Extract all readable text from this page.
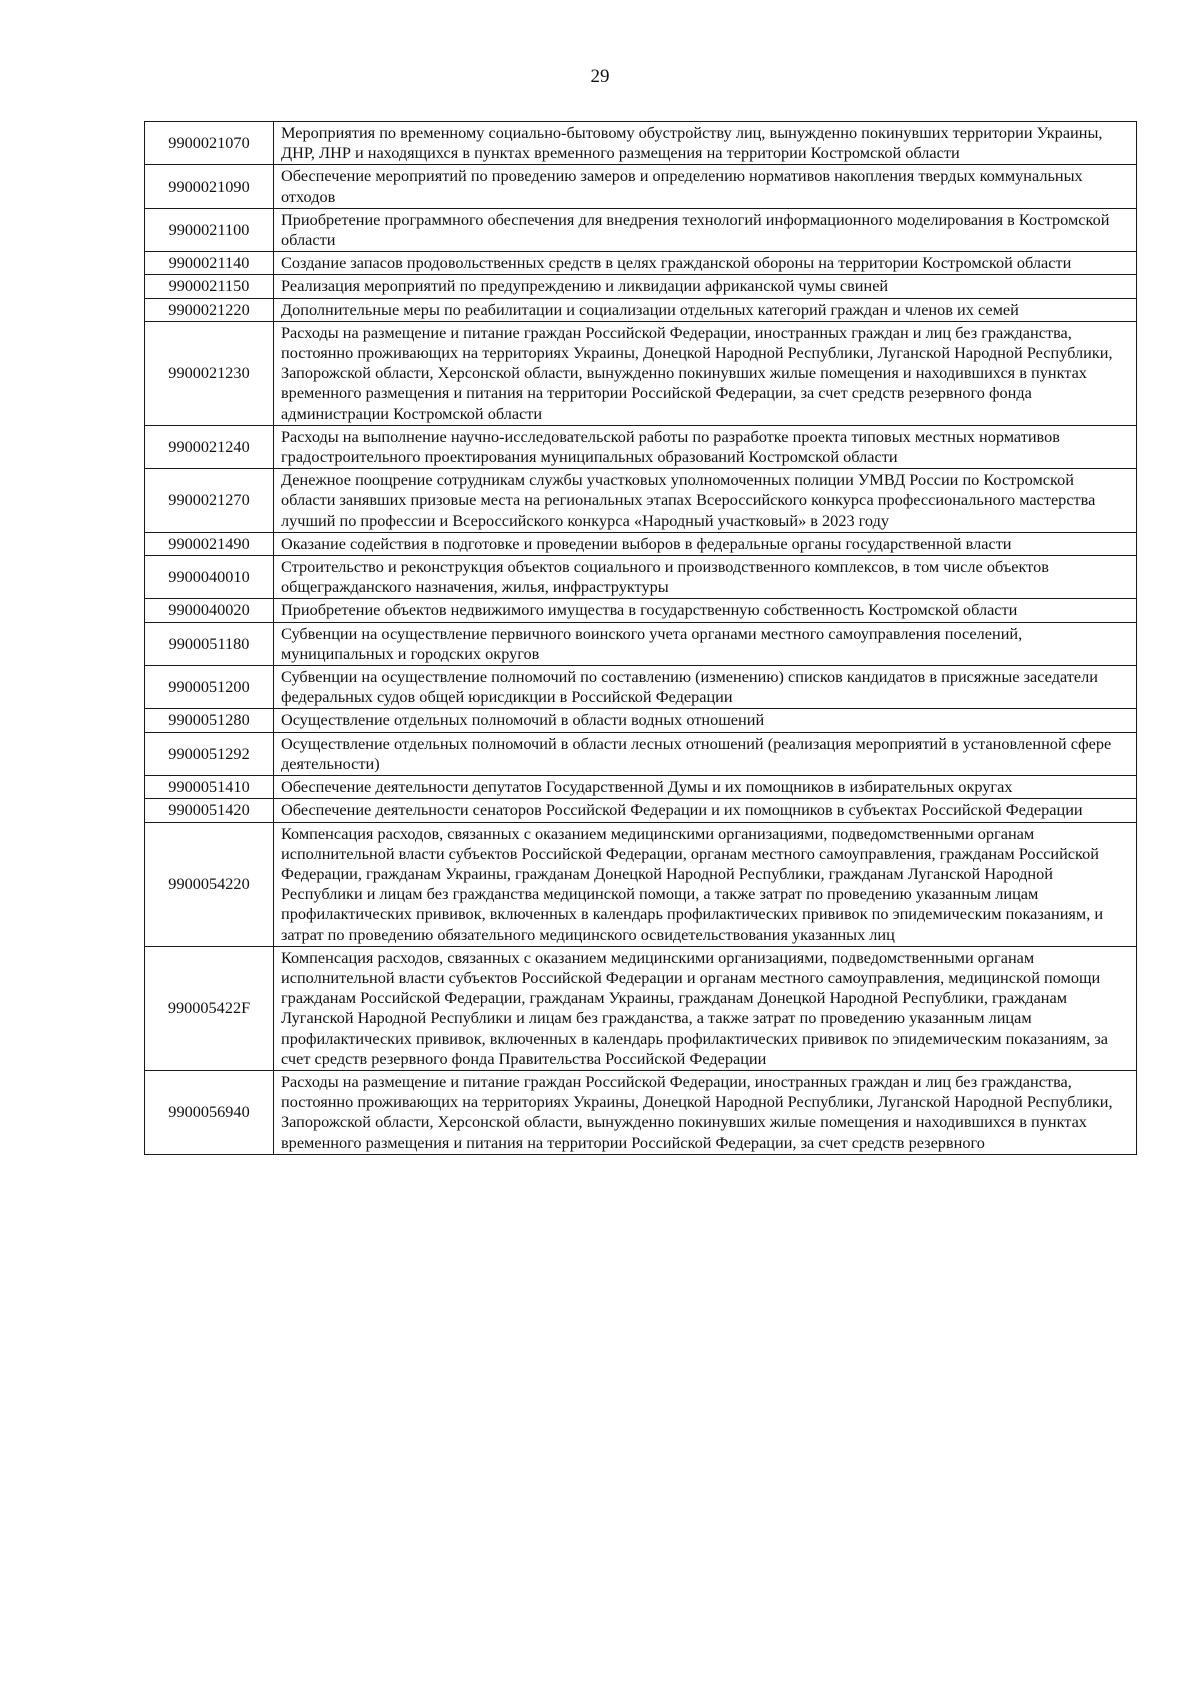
29
9900021070	Мероприятия по временному социально-бытовому обустройству лиц, вынужденно покинувших территории Украины, ДНР, ЛНР и находящихся в пунктах временного размещения на территории Костромской области
9900021090	Обеспечение мероприятий по проведению замеров и определению нормативов накопления твердых коммунальных отходов
9900021100	Приобретение программного обеспечения для внедрения технологий информационного моделирования в Костромской области
9900021140	Создание запасов продовольственных средств в целях гражданской обороны на территории Костромской области
9900021150	Реализация мероприятий по предупреждению и ликвидации африканской чумы свиней
9900021220	Дополнительные меры по реабилитации и социализации отдельных категорий граждан и членов их семей
9900021230	Расходы на размещение и питание граждан Российской Федерации, иностранных граждан и лиц без гражданства, постоянно проживающих на территориях Украины, Донецкой Народной Республики, Луганской Народной Республики, Запорожской области, Херсонской области, вынужденно покинувших жилые помещения и находившихся в пунктах временного размещения и питания на территории Российской Федерации, за счет средств резервного фонда администрации Костромской области
9900021240	Расходы на выполнение научно-исследовательской работы по разработке проекта типовых местных нормативов градостроительного проектирования муниципальных образований Костромской области
9900021270	Денежное поощрение сотрудникам службы участковых уполномоченных полиции УМВД России по Костромской области занявших призовые места на региональных этапах Всероссийского конкурса профессионального мастерства лучший по профессии и Всероссийского конкурса «Народный участковый» в 2023 году
9900021490	Оказание содействия в подготовке и проведении выборов в федеральные органы государственной власти
9900040010	Строительство и реконструкция объектов социального и производственного комплексов, в том числе объектов общегражданского назначения, жилья, инфраструктуры
9900040020	Приобретение объектов недвижимого имущества в государственную собственность Костромской области
9900051180	Субвенции на осуществление первичного воинского учета органами местного самоуправления поселений, муниципальных и городских округов
9900051200	Субвенции на осуществление полномочий по составлению (изменению) списков кандидатов в присяжные заседатели федеральных судов общей юрисдикции в Российской Федерации
9900051280	Осуществление отдельных полномочий в области водных отношений
9900051292	Осуществление отдельных полномочий в области лесных отношений (реализация мероприятий в установленной сфере деятельности)
9900051410	Обеспечение деятельности депутатов Государственной Думы и их помощников в избирательных округах
9900051420	Обеспечение деятельности сенаторов Российской Федерации и их помощников в субъектах Российской Федерации
9900054220	Компенсация расходов, связанных с оказанием медицинскими организациями, подведомственными органам исполнительной власти субъектов Российской Федерации, органам местного самоуправления, гражданам Российской Федерации, гражданам Украины, гражданам Донецкой Народной Республики, гражданам Луганской Народной Республики и лицам без гражданства медицинской помощи, а также затрат по проведению указанным лицам профилактических прививок, включенных в календарь профилактических прививок по эпидемическим показаниям, и затрат по проведению обязательного медицинского освидетельствования указанных лиц
990005422F	Компенсация расходов, связанных с оказанием медицинскими организациями, подведомственными органам исполнительной власти субъектов Российской Федерации и органам местного самоуправления, медицинской помощи гражданам Российской Федерации, гражданам Украины, гражданам Донецкой Народной Республики, гражданам Луганской Народной Республики и лицам без гражданства, а также затрат по проведению указанным лицам профилактических прививок, включенных в календарь профилактических прививок по эпидемическим показаниям, за счет средств резервного фонда Правительства Российской Федерации
9900056940	Расходы на размещение и питание граждан Российской Федерации, иностранных граждан и лиц без гражданства, постоянно проживающих на территориях Украины, Донецкой Народной Республики, Луганской Народной Республики, Запорожской области, Херсонской области, вынужденно покинувших жилые помещения и находившихся в пунктах временного размещения и питания на территории Российской Федерации, за счет средств резервного
